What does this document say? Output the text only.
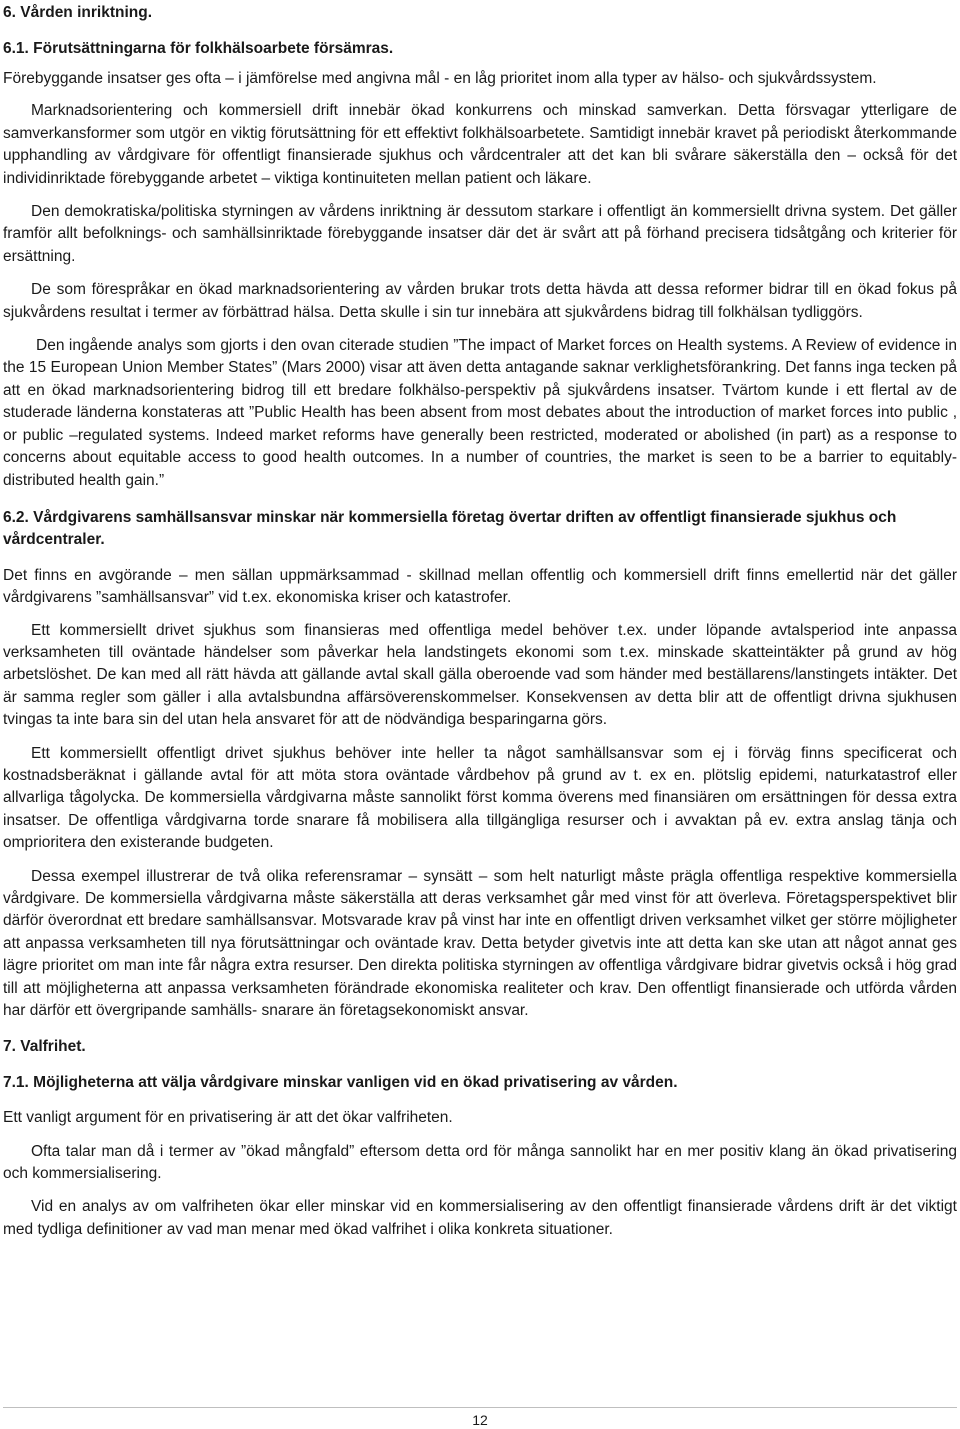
6. Vården inriktning.
6.1. Förutsättningarna för folkhälsoarbete försämras.

Förebyggande insatser ges ofta – i jämförelse med angivna mål - en låg prioritet inom alla typer av hälso- och sjukvårdssystem.

Marknadsorientering och kommersiell drift innebär ökad konkurrens och minskad samverkan. Detta försvagar ytterligare de samverkansformer som utgör en viktig förutsättning för ett effektivt folkhälsoarbetete. Samtidigt innebär kravet på periodiskt återkommande upphandling av vårdgivare för offentligt finansierade sjukhus och vårdcentraler att det kan bli svårare säkerställa den – också för det individinriktade förebyggande arbetet – viktiga kontinuiteten mellan patient och läkare.

Den demokratiska/politiska styrningen av vårdens inriktning är dessutom starkare i offentligt än kommersiellt drivna system. Det gäller framför allt befolknings- och samhällsinriktade förebyggande insatser där det är svårt att på förhand precisera tidsåtgång och kriterier för ersättning.

De som förespråkar en ökad marknadsorientering av vården brukar trots detta hävda att dessa reformer bidrar till en ökad fokus på sjukvårdens resultat i termer av förbättrad hälsa. Detta skulle i sin tur innebära att sjukvårdens bidrag till folkhälsan tydliggörs.

Den ingående analys som gjorts i den ovan citerade studien ”The impact of Market forces on Health systems. A Review of evidence in the 15 European Union Member States” (Mars 2000) visar att även detta antagande saknar verklighetsförankring. Det fanns inga tecken på att en ökad marknadsorientering bidrog till ett bredare folkhälso-perspektiv på sjukvårdens insatser. Tvärtom kunde i ett flertal av de studerade länderna konstateras att ”Public Health has been absent from most debates about the introduction of market forces into public , or public –regulated systems. Indeed market reforms have generally been restricted, moderated or abolished (in part) as a response to concerns about equitable access to good health outcomes. In a number of countries, the market is seen to be a barrier to equitably-distributed health gain.”

6.2. Vårdgivarens samhällsansvar minskar när kommersiella företag övertar driften av offentligt finansierade sjukhus och vårdcentraler.

Det finns en avgörande – men sällan uppmärksammad - skillnad mellan offentlig och kommersiell drift finns emellertid när det gäller vårdgivarens ”samhällsansvar” vid t.ex. ekonomiska kriser och katastrofer.

Ett kommersiellt drivet sjukhus som finansieras med offentliga medel behöver t.ex. under löpande avtalsperiod inte anpassa verksamheten till oväntade händelser som påverkar hela landstingets ekonomi som t.ex. minskade skatteintäkter på grund av hög arbetslöshet. De kan med all rätt hävda att gällande avtal skall gälla oberoende vad som händer med beställarens/lanstingets intäkter. Det är samma regler som gäller i alla avtalsbundna affärsöverenskommelser. Konsekvensen av detta blir att de offentligt drivna sjukhusen tvingas ta inte bara sin del utan hela ansvaret för att de nödvändiga besparingarna görs.

Ett kommersiellt offentligt drivet sjukhus behöver inte heller ta något samhällsansvar som ej i förväg finns specificerat och kostnadsberäknat i gällande avtal för att möta stora oväntade vårdbehov på grund av t. ex en. plötslig epidemi, naturkatastrof eller allvarliga tågolycka. De kommersiella vårdgivarna måste sannolikt först komma överens med finansiären om ersättningen för dessa extra insatser. De offentliga vårdgivarna torde snarare få mobilisera alla tillgängliga resurser och i avvaktan på ev. extra anslag tänja och omprioritera den existerande budgeten.

Dessa exempel illustrerar de två olika referensramar – synsätt – som helt naturligt måste prägla offentliga respektive kommersiella vårdgivare. De kommersiella vårdgivarna måste säkerställa att deras verksamhet går med vinst för att överleva. Företagsperspektivet blir därför överordnat ett bredare samhällsansvar. Motsvarade krav på vinst har inte en offentligt driven verksamhet vilket ger större möjligheter att anpassa verksamheten till nya förutsättningar och oväntade krav. Detta betyder givetvis inte att detta kan ske utan att något annat ges lägre prioritet om man inte får några extra resurser. Den direkta politiska styrningen av offentliga vårdgivare bidrar givetvis också i hög grad till att möjligheterna att anpassa verksamheten förändrade ekonomiska realiteter och krav. Den offentligt finansierade och utförda vården har därför ett övergripande samhälls- snarare än företagsekonomiskt ansvar.

7. Valfrihet.
7.1. Möjligheterna att välja vårdgivare minskar vanligen vid en ökad privatisering av vården.

Ett vanligt argument för en privatisering är att det ökar valfriheten.

Ofta talar man då i termer av ”ökad mångfald” eftersom detta ord för många sannolikt har en mer positiv klang än ökad privatisering och kommersialisering.

Vid en analys av om valfriheten ökar eller minskar vid en kommersialisering av den offentligt finansierade vårdens drift är det viktigt med tydliga definitioner av vad man menar med ökad valfrihet i olika konkreta situationer.

12
